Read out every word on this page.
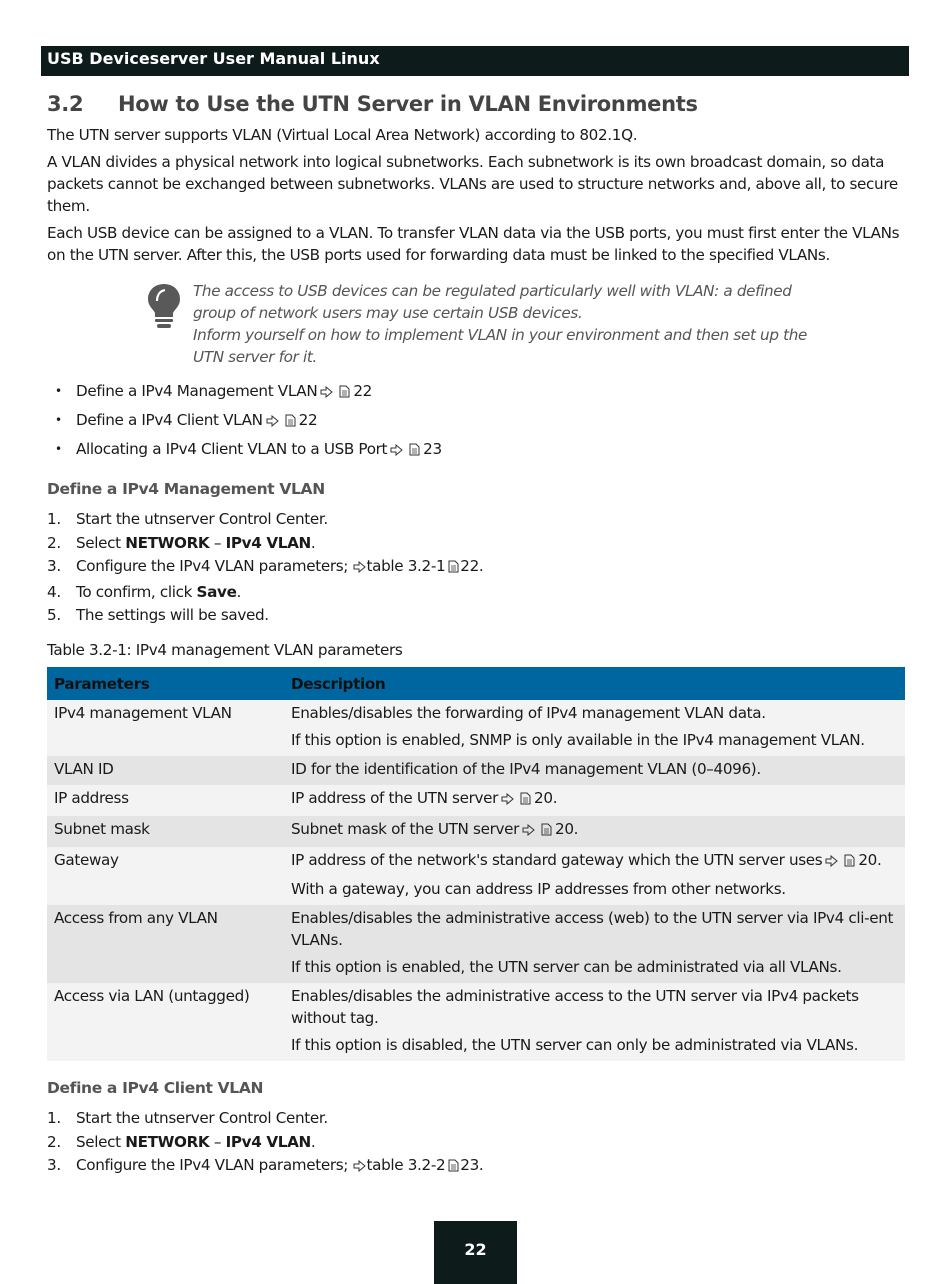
USB Deviceserver User Manual Linux
3.2 How to Use the UTN Server in VLAN Environments

The UTN server supports VLAN (Virtual Local Area Network) according to 802.1Q.

A VLAN divides a physical network into logical subnetworks. Each subnetwork is its own broadcast domain, so data packets cannot be exchanged between subnetworks. VLANs are used to structure networks and, above all, to secure them.

Each USB device can be assigned to a VLAN. To transfer VLAN data via the USB ports, you must first enter the VLANs on the UTN server. After this, the USB ports used for forwarding data must be linked to the specified VLANs.

The access to USB devices can be regulated particularly well with VLAN: a defined group of network users may use certain USB devices.

Inform yourself on how to implement VLAN in your environment and then set up the UTN server for it.

• Define a IPv4 Management VLAN 22
• Define a IPv4 Client VLAN 22
• Allocating a IPv4 Client VLAN to a USB Port 23
Define a IPv4 Management VLAN
1.	Start the utnserver Control Center.
2.	Select NETWORK – IPv4 VLAN.
3.	Configure the IPv4 VLAN parameters; table 3.2-1 22.
4.	To confirm, click Save.
5.	The settings will be saved.
Table 3.2-1: IPv4 management VLAN parameters
Parameters	Description

IPv4 management VLAN	Enables/disables the forwarding of IPv4 management VLAN data.

If this option is enabled, SNMP is only available in the IPv4 management VLAN.

VLAN ID	ID for the identification of the IPv4 management VLAN (0–4096).

IP address	IP address of the UTN server 20.

Subnet mask	Subnet mask of the UTN server 20.

Gateway	IP address of the network's standard gateway which the UTN server uses 20.

With a gateway, you can address IP addresses from other networks.

Access from any VLAN	Enables/disables the administrative access (web) to the UTN server via IPv4 cli-ent VLANs.

If this option is enabled, the UTN server can be administrated via all VLANs.

Access via LAN (untagged)	Enables/disables the administrative access to the UTN server via IPv4 packets without tag.

If this option is disabled, the UTN server can only be administrated via VLANs.

Define a IPv4 Client VLAN
1.	Start the utnserver Control Center.
2.	Select NETWORK – IPv4 VLAN.
3.	Configure the IPv4 VLAN parameters; table 3.2-2 23.
22
